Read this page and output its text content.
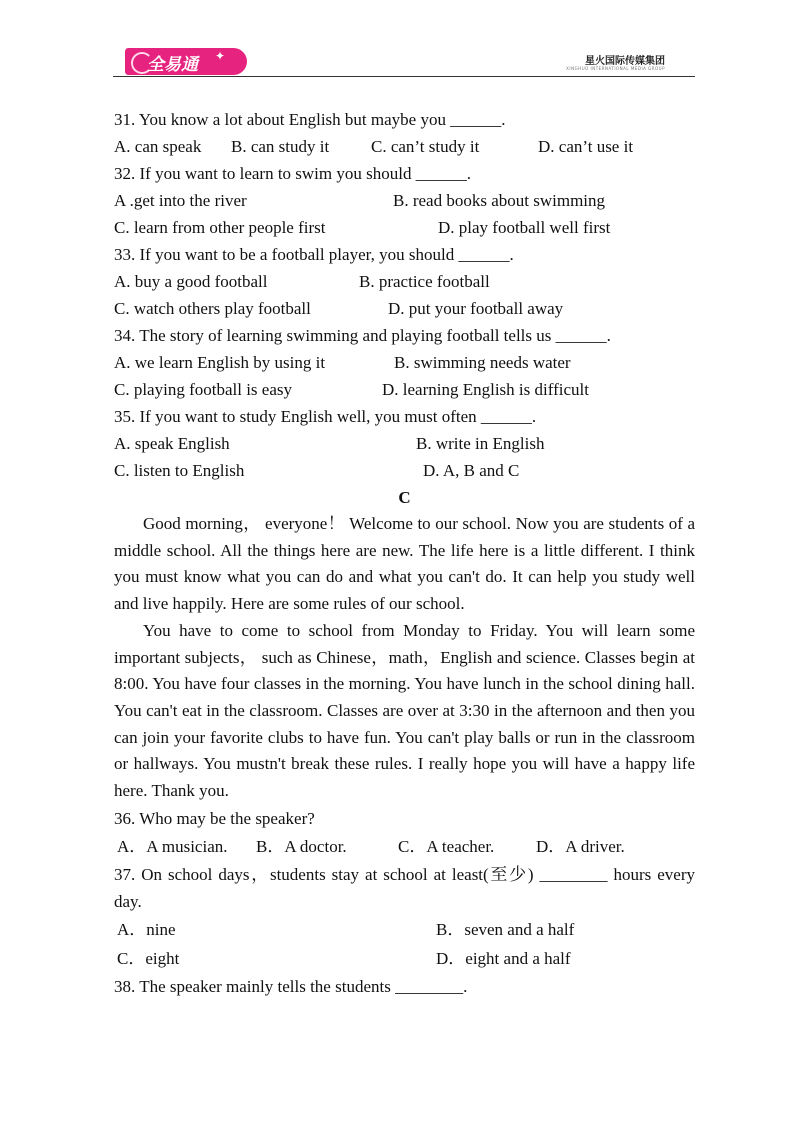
全易通 ✦	星火国际传媒集团
XINGHUO INTERNATIONAL MEDIA GROUP
31. You know a lot about English but maybe you ______.

A. can speak

B. can study it

C. can’t study it

	D. can’t use it

32. If you want to learn to swim you should ______.

A .get into the river

	B. read books about swimming

C. learn from other people first

	D. play football well first

33. If you want to be a football player, you should ______.

A. buy a good football

	B. practice football

C. watch others play football

	D. put your football away

34. The story of learning swimming and playing football tells us ______.

A. we learn English by using it

	B. swimming needs water

C. playing football is easy

	D. learning English is difficult

35. If you want to study English well, you must often ______.

A. speak English

	B. write in English

C. listen to English

	D. A, B and C

C

Good morning， everyone！ Welcome to our school. Now you are students of a middle school. All the things here are new. The life here is a little different. I think you must know what you can do and what you can't do. It can help you study well and live happily. Here are some rules of our school.

You have to come to school from Monday to Friday. You will learn some important subjects， such as Chinese，math，English and science. Classes begin at 8:00. You have four classes in the morning. You have lunch in the school dining hall. You can't eat in the classroom. Classes are over at 3:30 in the afternoon and then you can join your favorite clubs to have fun. You can't play balls or run in the classroom or hallways. You mustn't break these rules. I really hope you will have a happy life here. Thank you.

36. Who may be the speaker?

A．A musician.

B．A doctor.

	C．A teacher.

D．A driver.

37. On school days，students stay at school at least(至少) ________ hours every day.

A．nine

	B．seven and a half

C．eight

	D．eight and a half

38. The speaker mainly tells the students ________.
